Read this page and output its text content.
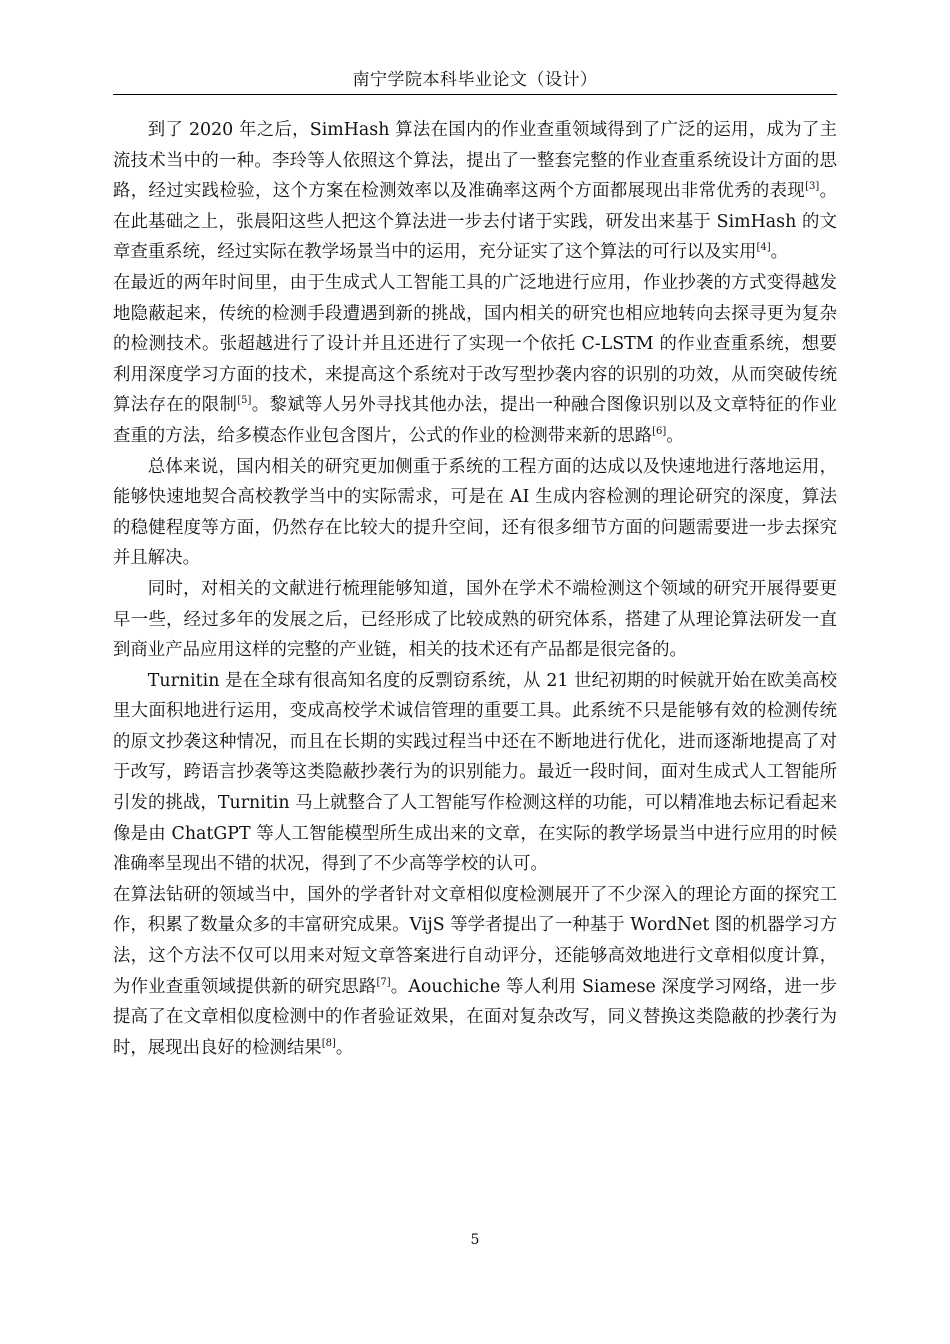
南宁学院本科毕业论文（设计）

到了 2020 年之后，SimHash 算法在国内的作业查重领域得到了广泛的运用，成为了主流技术当中的一种。李玲等人依照这个算法，提出了一整套完整的作业查重系统设计方面的思路，经过实践检验，这个方案在检测效率以及准确率这两个方面都展现出非常优秀的表现[3]。在此基础之上，张晨阳这些人把这个算法进一步去付诸于实践，研发出来基于 SimHash 的文章查重系统，经过实际在教学场景当中的运用，充分证实了这个算法的可行以及实用[4]。

在最近的两年时间里，由于生成式人工智能工具的广泛地进行应用，作业抄袭的方式变得越发地隐蔽起来，传统的检测手段遭遇到新的挑战，国内相关的研究也相应地转向去探寻更为复杂的检测技术。张超越进行了设计并且还进行了实现一个依托 C-LSTM 的作业查重系统，想要利用深度学习方面的技术，来提高这个系统对于改写型抄袭内容的识别的功效，从而突破传统算法存在的限制[5]。黎斌等人另外寻找其他办法，提出一种融合图像识别以及文章特征的作业查重的方法，给多模态作业包含图片，公式的作业的检测带来新的思路[6]。

总体来说，国内相关的研究更加侧重于系统的工程方面的达成以及快速地进行落地运用，能够快速地契合高校教学当中的实际需求，可是在 AI 生成内容检测的理论研究的深度，算法的稳健程度等方面，仍然存在比较大的提升空间，还有很多细节方面的问题需要进一步去探究并且解决。

同时，对相关的文献进行梳理能够知道，国外在学术不端检测这个领域的研究开展得要更早一些，经过多年的发展之后，已经形成了比较成熟的研究体系，搭建了从理论算法研发一直到商业产品应用这样的完整的产业链，相关的技术还有产品都是很完备的。

Turnitin 是在全球有很高知名度的反剽窃系统，从 21 世纪初期的时候就开始在欧美高校里大面积地进行运用，变成高校学术诚信管理的重要工具。此系统不只是能够有效的检测传统的原文抄袭这种情况，而且在长期的实践过程当中还在不断地进行优化，进而逐渐地提高了对于改写，跨语言抄袭等这类隐蔽抄袭行为的识别能力。最近一段时间，面对生成式人工智能所引发的挑战，Turnitin 马上就整合了人工智能写作检测这样的功能，可以精准地去标记看起来像是由 ChatGPT 等人工智能模型所生成出来的文章，在实际的教学场景当中进行应用的时候准确率呈现出不错的状况，得到了不少高等学校的认可。

在算法钻研的领域当中，国外的学者针对文章相似度检测展开了不少深入的理论方面的探究工作，积累了数量众多的丰富研究成果。VijS 等学者提出了一种基于 WordNet 图的机器学习方法，这个方法不仅可以用来对短文章答案进行自动评分，还能够高效地进行文章相似度计算，为作业查重领域提供新的研究思路[7]。Aouchiche 等人利用 Siamese 深度学习网络，进一步提高了在文章相似度检测中的作者验证效果，在面对复杂改写，同义替换这类隐蔽的抄袭行为时，展现出良好的检测结果[8]。

5
